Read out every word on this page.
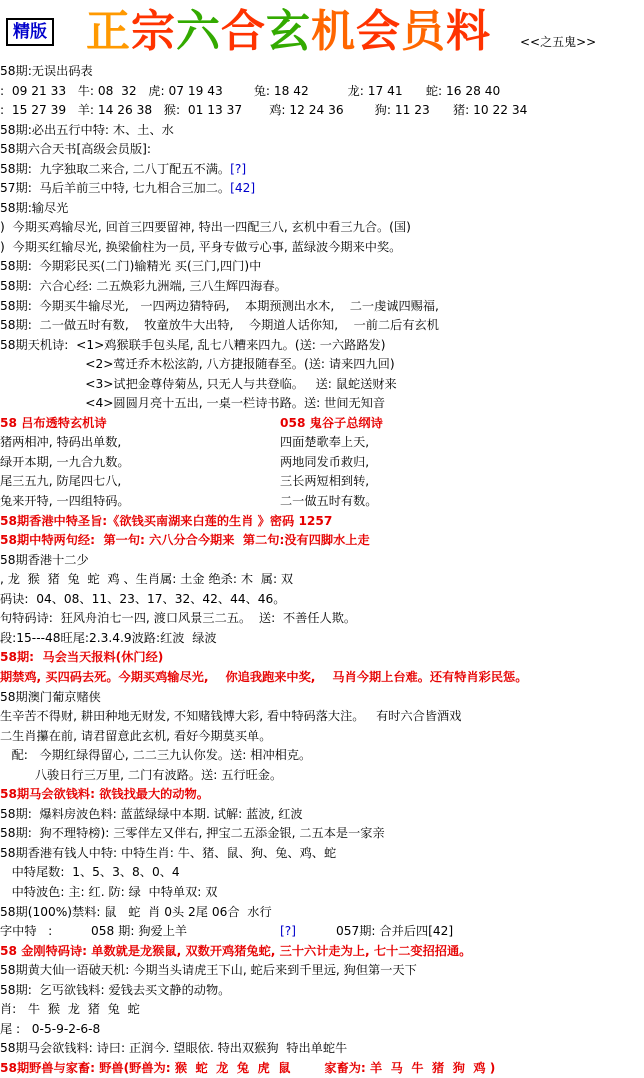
精版 正宗六合玄机会员料 <<之五鬼>>
58期:无误出码表
:  09 21 33   牛: 08  32   虎: 07 19 43        兔: 18 42          龙: 17 41      蛇: 16 28 40
:  15 27 39   羊: 14 26 38   猴:  01 13 37       鸡: 12 24 36        狗: 11 23      猪: 10 22 34
58期:必出五行中特: 木、土、水
58期六合天书[高级会员版]:
58期:  九字独取二来合, 二八丁配五不满。[?]
57期:  马后羊前三中特, 七九相合三加二。[42]
58期:输尽光
)  今期买鸡输尽光, 回首三四要留神, 特出一四配三八, 玄机中看三九合。(国)
)  今期买红输尽光, 换梁偷柱为一员, 平身专做亏心事, 蓝绿波今期来中奖。
58期:  今期彩民买(二门)输精光 买(三门,四门)中
58期:  六合心经: 二五焕彩九洲端, 三八生辉四海春。
58期:  今期买牛输尽光,   一四两边猜特码,    本期预测出水木,    二一虔诚四赐福,
58期:  二一做五时有数,    牧童放牛大出特,    今期道人话你知,    一前二后有玄机
58期天机诗:  <1>鸡猴联手包头尾, 乱七八糟来四九。(送: 一六路路发)
<2>莺迁乔木松泫韵, 八方捷报随春至。(送: 请来四九回)
<3>试把金尊侍菊丛, 只无人与共登临。   送: 鼠蛇送财来
<4>圆圆月亮十五出, 一桌一栏诗书路。送: 世间无知音
58 吕布透特玄机诗	058 鬼谷子总纲诗
猪两相冲, 特码出单数,	四面楚歌奉上天,
绿开本期, 一九合九数。	两地同发币救归,
尾三五九, 防尾四七八,	三长两短相到转,
兔来开特, 一四组特码。	二一做五时有数。
58期香港中特圣旨:《欲钱买南湖来白莲的生肖 》密码 1257
58期中特两句经:  第一句: 六八分合今期来  第二句:没有四脚水上走
58期香港十二少
, 龙  猴  猪  兔  蛇  鸡 、生肖属: 土金 绝杀: 木  属: 双
码诀:  04、08、11、23、17、32、42、44、46。
句特码诗:  狂风舟泊七一四, 渡口风景三二五。  送:  不善任人欺。
段:15---48旺尾:2.3.4.9波路:红波  绿波
58期:  马会当天报料(休门经)
期禁鸡, 买四码去死。今期买鸡输尽光,    你追我跑来中奖,    马肖今期上台难。还有特肖彩民惩。
58期澳门葡京赌侠
生辛苦不得财, 耕田种地无财发, 不知赌钱博大彩, 看中特码落大注。   有时六合皆酒戏
二生肖攥在前, 请君留意此玄机, 看好今期莫买单。
配:   今期红绿得留心, 二二三九认你发。送: 相冲相克。
八骏日行三万里, 二门有波路。送: 五行旺金。
58期马会欲钱料: 欲钱找最大的动物。
58期:  爆料房波色料: 蓝蓝绿绿中本期. 试解: 蓝波, 红波
58期:  狗不理特榜): 三零伴左又伴右, 押宝二五添金银, 二五本是一家亲
58期香港有钱人中特: 中特生肖: 牛、猪、鼠、狗、兔、鸡、蛇
中特尾数:  1、5、3、8、0、4
中特波色: 主: 红. 防: 绿  中特单双: 双
58期(100%)禁料: 鼠   蛇  肖 0头 2尾 06合  水行
字中特   :          058 期: 狗爱上羊	[?]	057期: 合并后四[42]
58 金刚特码诗: 单数就是龙猴鼠, 双数开鸡猪兔蛇, 三十六计走为上, 七十二变招招通。
58期黄大仙一语破天机: 今期当头请虎王下山, 蛇后来到千里远, 狗但第一天下
58期:  乞丐欲钱料: 爱钱去买文静的动物。
肖:   牛  猴  龙  猪  兔  蛇
尾 :   0-5-9-2-6-8
58期马会欲钱料: 诗曰: 正润今. 望眼依. 特出双猴狗  特出单蛇牛
58期野兽与家畜: 野兽(野兽为: 猴  蛇  龙  兔  虎  鼠        家畜为: 羊  马  牛  猪  狗  鸡 )
